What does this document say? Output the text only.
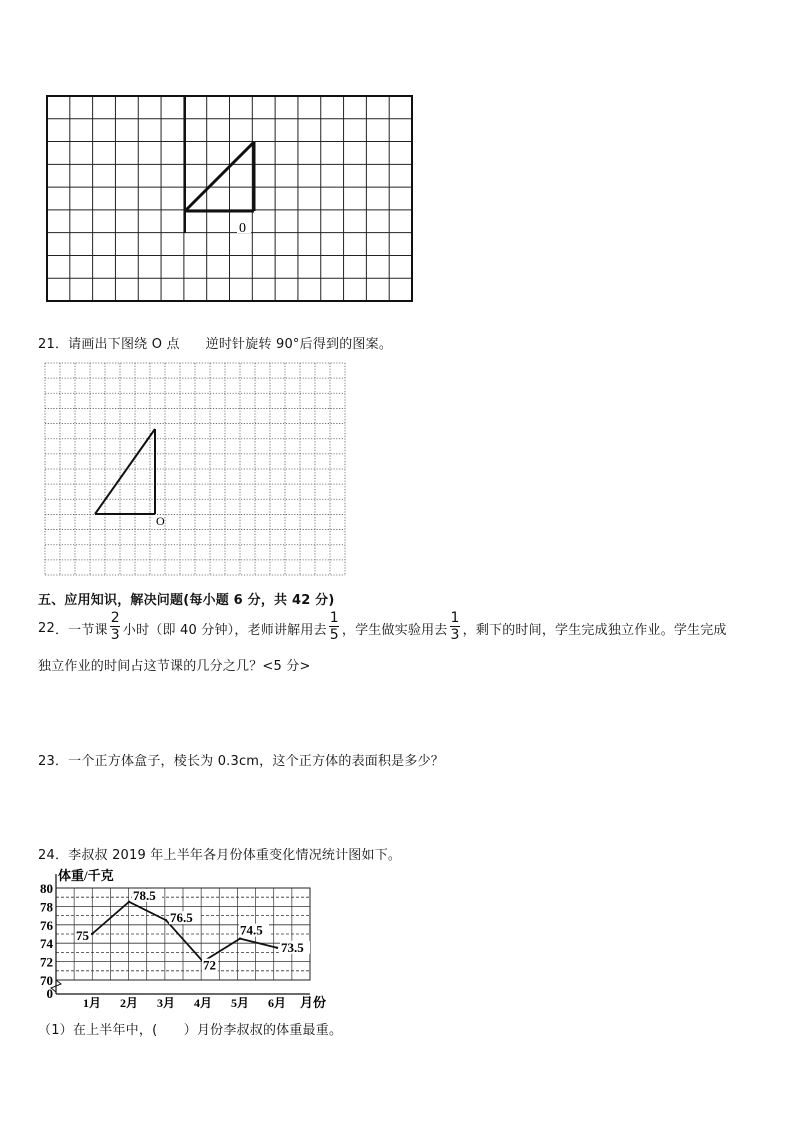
0
21．请画出下图绕 O 点 逆时针旋转 90°后得到的图案。
O
五、应用知识，解决问题(每小题 6 分，共 42 分)
22 ． 一节课 $\frac{2}{3}$ 小时（即 40 分钟），老师讲解用去 $\frac{1}{5}$ ，学生做实验用去 $\frac{1}{3}$ ，剩下的时间，学生完成独立作业。学生完成
独立作业的时间占这节课的几分之几？<5 分>
23．一个正方体盒子，棱长为 0.3cm，这个正方体的表面积是多少？
24．李叔叔 2019 年上半年各月份体重变化情况统计图如下。
80
78
76
74
72
70
0
1月 2月 3月 4月 5月 6月
75
78.5
76.5
72
74.5
73.5
体重/千克
月份
（1）在上半年中，(　　）月份李叔叔的体重最重。
